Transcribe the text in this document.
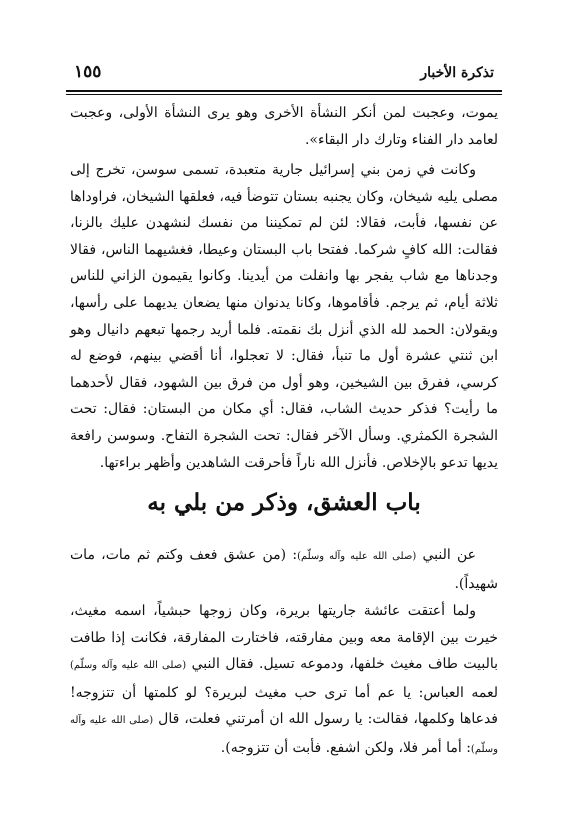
تذكرة الأخبار
١٥٥

يموت، وعجبت لمن أنكر النشأة الأخرى وهو يرى النشأة الأولى، وعجبت لعامد دار الفناء وتارك دار البقاء».

وكانت في زمن بني إسرائيل جارية متعبدة، تسمى سوسن، تخرج إلى مصلى يليه شيخان، وكان يجنبه بستان تتوضأ فيه، فعلقها الشيخان، فراوداها عن نفسها، فأبت، فقالا: لئن لم تمكيننا من نفسك لنشهدن عليك بالزنا، فقالت: الله كافٍ شركما. ففتحا باب البستان وعيطا، فغشيهما الناس، فقالا وجدناها مع شاب يفجر بها وانفلت من أيدينا. وكانوا يقيمون الزاني للناس ثلاثة أيام، ثم يرجم. فأقاموها، وكانا يدنوان منها يضعان يديهما على رأسها، ويقولان: الحمد لله الذي أنزل بك نقمته. فلما أريد رجمها تبعهم دانيال وهو ابن ثنتي عشرة أول ما تنبأ، فقال: لا تعجلوا، أنا أقضي بينهم، فوضع له كرسي، ففرق بين الشيخين، وهو أول من فرق بين الشهود، فقال لأحدهما ما رأيت؟ فذكر حديث الشاب، فقال: أي مكان من البستان: فقال: تحت الشجرة الكمثري. وسأل الآخر فقال: تحت الشجرة التفاح. وسوسن رافعة يديها تدعو بالإخلاص. فأنزل الله ناراً فأحرقت الشاهدين وأظهر براءتها.

باب العشق، وذكر من بلي به

عن النبي (صلى الله عليه وآله وسلّم): (من عشق فعف وكتم ثم مات، مات شهيداً).

ولما أعتقت عائشة جاريتها بريرة، وكان زوجها حبشياً، اسمه مغيث، خيرت بين الإقامة معه وبين مفارقته، فاختارت المفارقة، فكانت إذا طافت بالبيت طاف مغيث خلفها، ودموعه تسيل. فقال النبي (صلى الله عليه وآله وسلّم) لعمه العباس: يا عم أما ترى حب مغيث لبريرة؟ لو كلمتها أن تتزوجه! فدعاها وكلمها، فقالت: يا رسول الله ان أمرتني فعلت، قال (صلى الله عليه وآله وسلّم): أما أمر فلا، ولكن اشفع. فأبت أن تتزوجه).
